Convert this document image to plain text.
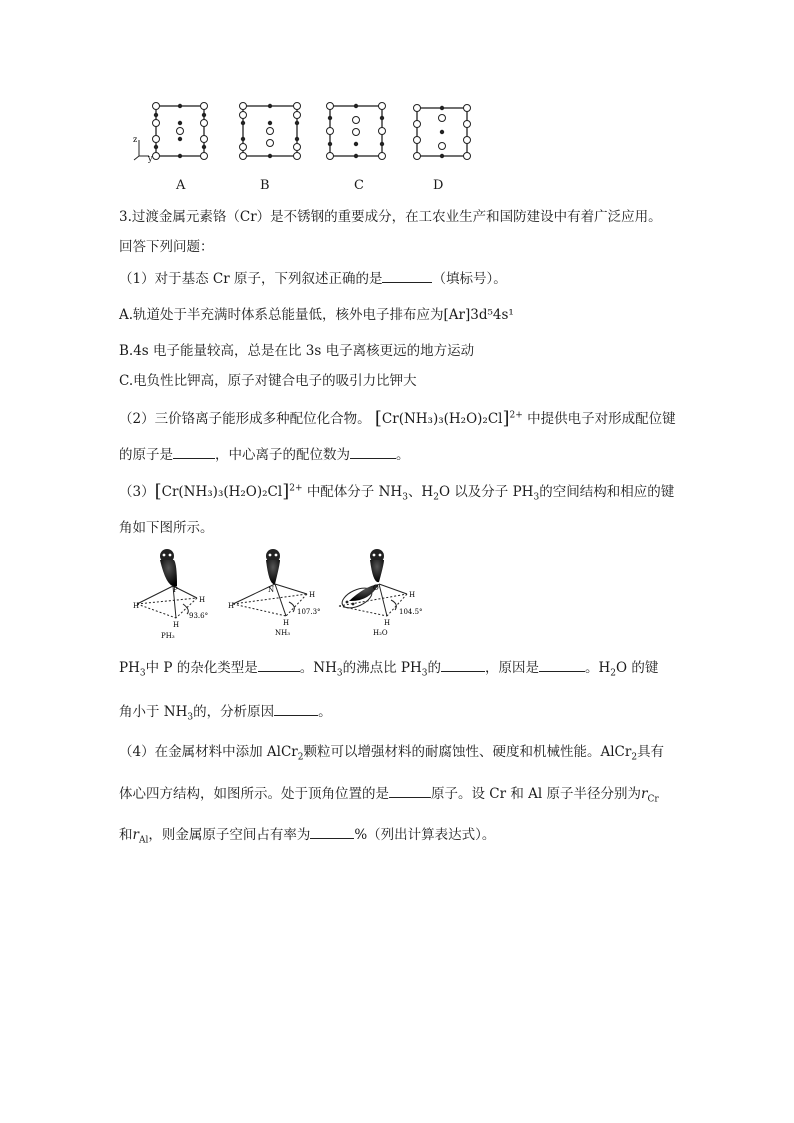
z
y
A	B	C	D
3.过渡金属元素铬（Cr）是不锈钢的重要成分，在工农业生产和国防建设中有着广泛应用。
回答下列问题：
（1）对于基态 Cr 原子，下列叙述正确的是	（填标号）。
A.轨道处于半充满时体系总能量低，核外电子排布应为[Ar]3d⁵4s¹
B.4s 电子能量较高，总是在比 3s 电子离核更远的地方运动
C.电负性比钾高，原子对键合电子的吸引力比钾大
（2）三价铬离子能形成多种配位化合物。 $[Cr(NH_3)_3(H_2O)_2Cl]^{2+}$ 中提供电子对形成配位键
的原子是	，中心离子的配位数为	。
$(3)[Cr(NH_3)_3(H_2O)_2Cl]^{2+}$ 中配体分子 $NH_3$、$H_2O$ 以及分子 $PH_3$的空间结构和相应的键
角如下图所示。
H
H
H
P
93.6°
PH₃
H
H
H
N
107.3°
NH₃
H
H
O
104.5°
H₂O
$PH_3$中 P 的杂化类型是	。$NH_3$的沸点比 $PH_3$的	，原因是	。$H_2O$ 的键
角小于 $NH_3$的，分析原因	。
（4）在金属材料中添加 AlCr$_2$颗粒可以增强材料的耐腐蚀性、硬度和机械性能。AlCr$_2$具有
体心四方结构，如图所示。处于顶角位置的是	原子。设 Cr 和 Al 原子半径分别为$r_{Cr}$
和$r_{Al}$，则金属原子空间占有率为	%（列出计算表达式）。
